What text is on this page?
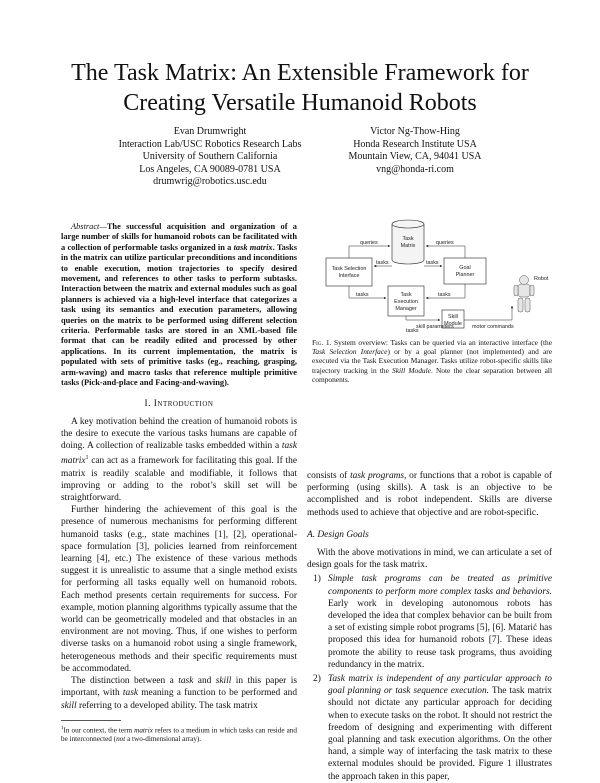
The Task Matrix: An Extensible Framework for Creating Versatile Humanoid Robots
Evan Drumwright
Interaction Lab/USC Robotics Research Labs
University of Southern California
Los Angeles, CA 90089-0781 USA
drumwrig@robotics.usc.edu
Victor Ng-Thow-Hing
Honda Research Institute USA
Mountain View, CA, 94041 USA
vng@honda-ri.com

Abstract—The successful acquisition and organization of a large number of skills for humanoid robots can be facilitated with a collection of performable tasks organized in a task matrix. Tasks in the matrix can utilize particular preconditions and inconditions to enable execution, motion trajectories to specify desired movement, and references to other tasks to perform subtasks. Interaction between the matrix and external modules such as goal planners is achieved via a high-level interface that categorizes a task using its semantics and execution parameters, allowing queries on the matrix to be performed using different selection criteria. Performable tasks are stored in an XML-based file format that can be readily edited and processed by other applications. In its current implementation, the matrix is populated with sets of primitive tasks (eg., reaching, grasping, arm-waving) and macro tasks that reference multiple primitive tasks (Pick-and-place and Facing-and-waving).

I. Introduction

A key motivation behind the creation of humanoid robots is the desire to execute the various tasks humans are capable of doing. A collection of realizable tasks embedded within a task matrix$^1$ can act as a framework for facilitating this goal. If the matrix is readily scalable and modifiable, it follows that improving or adding to the robot’s skill set will be straightforward.

Further hindering the achievement of this goal is the presence of numerous mechanisms for performing different humanoid tasks (e.g., state machines [1], [2], operational-space formulation [3], policies learned from reinforcement learning [4], etc.) The existence of these various methods suggest it is unrealistic to assume that a single method exists for performing all tasks equally well on humanoid robots. Each method presents certain requirements for success. For example, motion planning algorithms typically assume that the world can be geometrically modeled and that obstacles in an environment are not moving. Thus, if one wishes to perform diverse tasks on a humanoid robot using a single framework, heterogeneous methods and their specific requirements must be accommodated.

The distinction between a task and skill in this paper is important, with task meaning a function to be performed and skill referring to a developed ability. The task matrix

$^1$In our context, the term matrix refers to a medium in which tasks can reside and be interconnected (not a two-dimensional array).
Task
Matrix
Task Selection
Interface
Goal
Planner
Task
Execution
Manager
Skill
Module
Robot
queries	queries
tasks	tasks
tasks	tasks
tasks
skill parameters	motor commands
Fig. 1. System overview: Tasks can be queried via an interactive interface (the Task Selection Interface) or by a goal planner (not implemented) and are executed via the Task Execution Manager. Tasks utilize robot-specific skills like trajectory tracking in the Skill Module. Note the clear separation between all components.

consists of task programs, or functions that a robot is capable of performing (using skills). A task is an objective to be accomplished and is robot independent. Skills are diverse methods used to achieve that objective and are robot-specific.

A. Design Goals

With the above motivations in mind, we can articulate a set of design goals for the task matrix.

1) Simple task programs can be treated as primitive components to perform more complex tasks and behaviors. Early work in developing autonomous robots has developed the idea that complex behavior can be built from a set of existing simple robot programs [5], [6]. Matarić has proposed this idea for humanoid robots [7]. These ideas promote the ability to reuse task programs, thus avoiding redundancy in the matrix.
2) Task matrix is independent of any particular approach to goal planning or task sequence execution. The task matrix should not dictate any particular approach for deciding when to execute tasks on the robot. It should not restrict the freedom of designing and experimenting with different goal planning and task execution algorithms. On the other hand, a simple way of interfacing the task matrix to these external modules should be provided. Figure 1 illustrates the approach taken in this paper,
